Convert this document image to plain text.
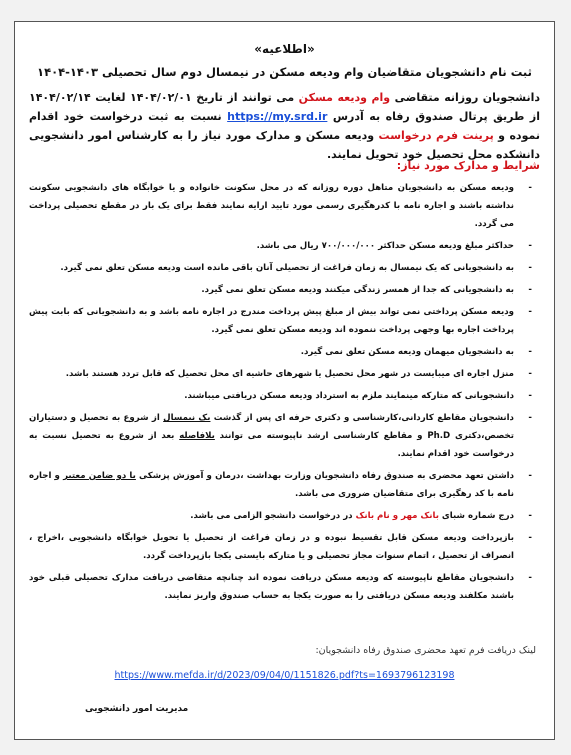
«اطلاعیه»
ثبت نام دانشجویان متقاضیان وام ودیعه مسکن در نیمسال دوم سال تحصیلی ۱۴۰۳-۱۴۰۴
دانشجویان روزانه متقاضی وام ودیعه مسکن می توانند از تاریخ ۱۴۰۴/۰۲/۰۱ لغایت ۱۴۰۴/۰۲/۱۴ از طریق پرتال صندوق رفاه به آدرس https://my.srd.ir نسبت به ثبت درخواست خود اقدام نموده و پرینت فرم درخواست ودیعه مسکن و مدارک مورد نیاز را به کارشناس امور دانشجویی دانشکده محل تحصیل خود تحویل نمایند.
شرایط و مدارک مورد نیاز:
- ودیعه مسکن به دانشجویان متاهل دوره روزانه که در محل سکونت خانواده و یا خوابگاه های دانشجویی سکونت نداشته باشند و اجاره نامه با کدرهگیری رسمی مورد تایید ارایه نمایند فقط برای یک بار در مقطع تحصیلی پرداخت می گردد.
- حداکثر مبلغ ودیعه مسکن حداکثر ۷۰۰/۰۰۰/۰۰۰ ریال می باشد.
- به دانشجویانی که یک نیمسال به زمان فراغت از تحصیلی آنان باقی مانده است ودیعه مسکن تعلق نمی گیرد.
- به دانشجویانی که جدا از همسر زندگی میکنند ودیعه مسکن تعلق نمی گیرد.
- ودیعه مسکن پرداختی نمی تواند بیش از مبلغ پیش پرداخت مندرج در اجاره نامه باشد و به دانشجویانی که بابت پیش پرداخت اجاره بها وجهی پرداخت ننموده اند ودیعه مسکن تعلق نمی گیرد.
- به دانشجویان میهمان ودیعه مسکن تعلق نمی گیرد.
- منزل اجاره ای میبایست در شهر محل تحصیل یا شهرهای حاشیه ای محل تحصیل که قابل تردد هستند باشد.
- دانشجویانی که متارکه مینمایند ملزم به استرداد ودیعه مسکن دریافتی میباشند.
- دانشجویان مقاطع کاردانی،کارشناسی و دکتری حرفه ای پس از گذشت یک نیمسال از شروع به تحصیل و دستیاران تخصص،دکتری Ph.D و مقاطع کارشناسی ارشد ناپیوسته می توانند بلافاصله بعد از شروع به تحصیل نسبت به درخواست خود اقدام نمایند.
- داشتن تعهد محضری به صندوق رفاه دانشجویان وزارت بهداشت ،درمان و آموزش پزشکی با دو ضامن معتبر و اجاره نامه با کد رهگیری برای متقاضیان ضروری می باشد.
- درج شماره شبای بانک مهر و نام بانک در درخواست دانشجو الزامی می باشد.
- بازپرداخت ودیعه مسکن قابل تقسیط نبوده و در زمان فراغت از تحصیل یا تحویل خوابگاه دانشجویی ،اخراج ، انصراف از تحصیل ، اتمام سنوات مجاز تحصیلی و یا متارکه بایستی یکجا بازپرداخت گردد.
- دانشجویان مقاطع ناپیوسته که ودیعه مسکن دریافت نموده اند چنانچه متقاضی دریافت مدارک تحصیلی قبلی خود باشند مکلفند ودیعه مسکن دریافتی را به صورت یکجا به حساب صندوق واریز نمایند.
لینک دریافت فرم تعهد محضری صندوق رفاه دانشجویان:
https://www.mefda.ir/d/2023/09/04/0/1151826.pdf?ts=1693796123198
مدیریت امور دانشجویی
